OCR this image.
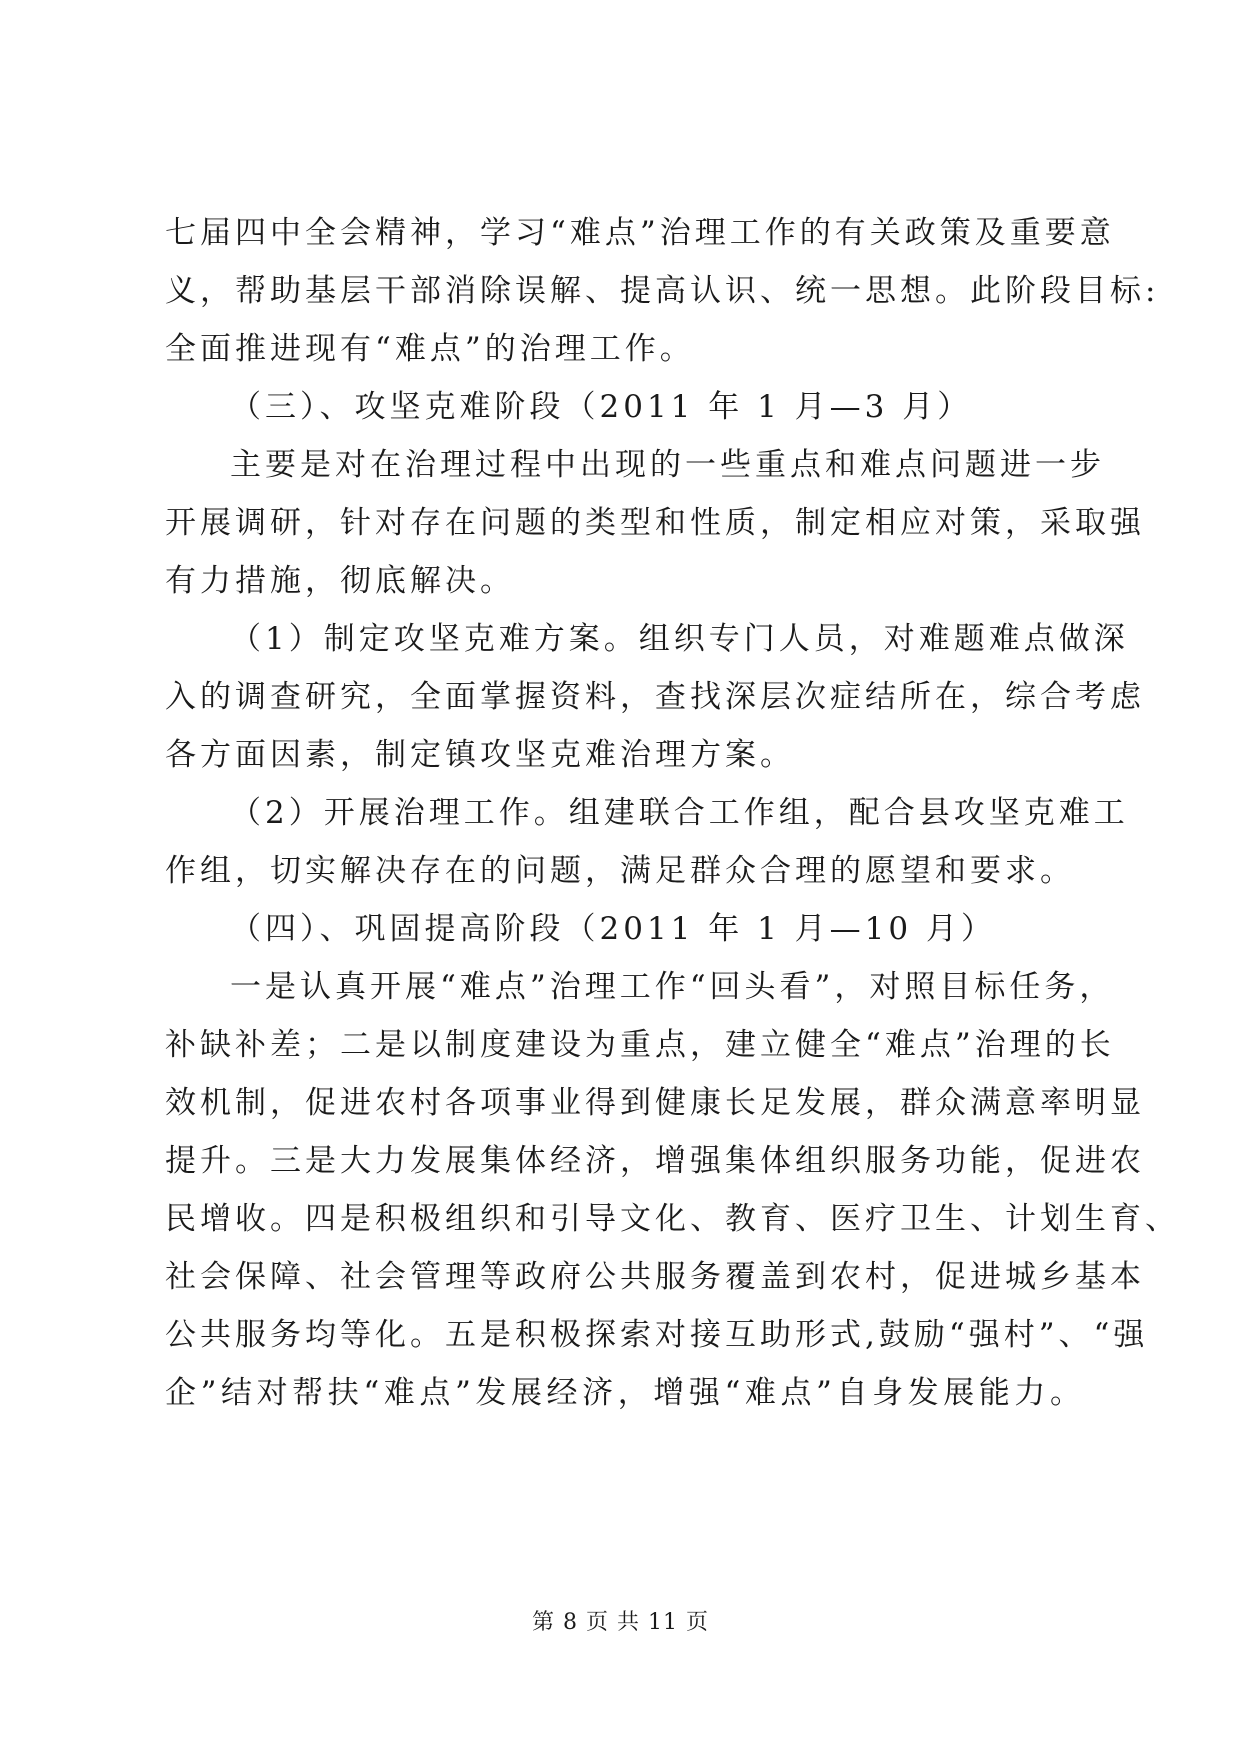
七届四中全会精神，学习“难点”治理工作的有关政策及重要意
义，帮助基层干部消除误解、提高认识、统一思想。此阶段目标:
全面推进现有“难点”的治理工作。
（三）、攻坚克难阶段（2011 年 1 月—3 月）
主要是对在治理过程中出现的一些重点和难点问题进一步
开展调研，针对存在问题的类型和性质，制定相应对策，采取强
有力措施，彻底解决。
（1）制定攻坚克难方案。组织专门人员，对难题难点做深
入的调查研究，全面掌握资料，查找深层次症结所在，综合考虑
各方面因素，制定镇攻坚克难治理方案。
（2）开展治理工作。组建联合工作组，配合县攻坚克难工
作组，切实解决存在的问题，满足群众合理的愿望和要求。
（四）、巩固提高阶段（2011 年 1 月—10 月）
一是认真开展“难点”治理工作“回头看”，对照目标任务，
补缺补差；二是以制度建设为重点，建立健全“难点”治理的长
效机制，促进农村各项事业得到健康长足发展，群众满意率明显
提升。三是大力发展集体经济，增强集体组织服务功能，促进农
民增收。四是积极组织和引导文化、教育、医疗卫生、计划生育、
社会保障、社会管理等政府公共服务覆盖到农村，促进城乡基本
公共服务均等化。五是积极探索对接互助形式,鼓励“强村”、“强
企”结对帮扶“难点”发展经济，增强“难点”自身发展能力。
第 8 页 共 11 页
